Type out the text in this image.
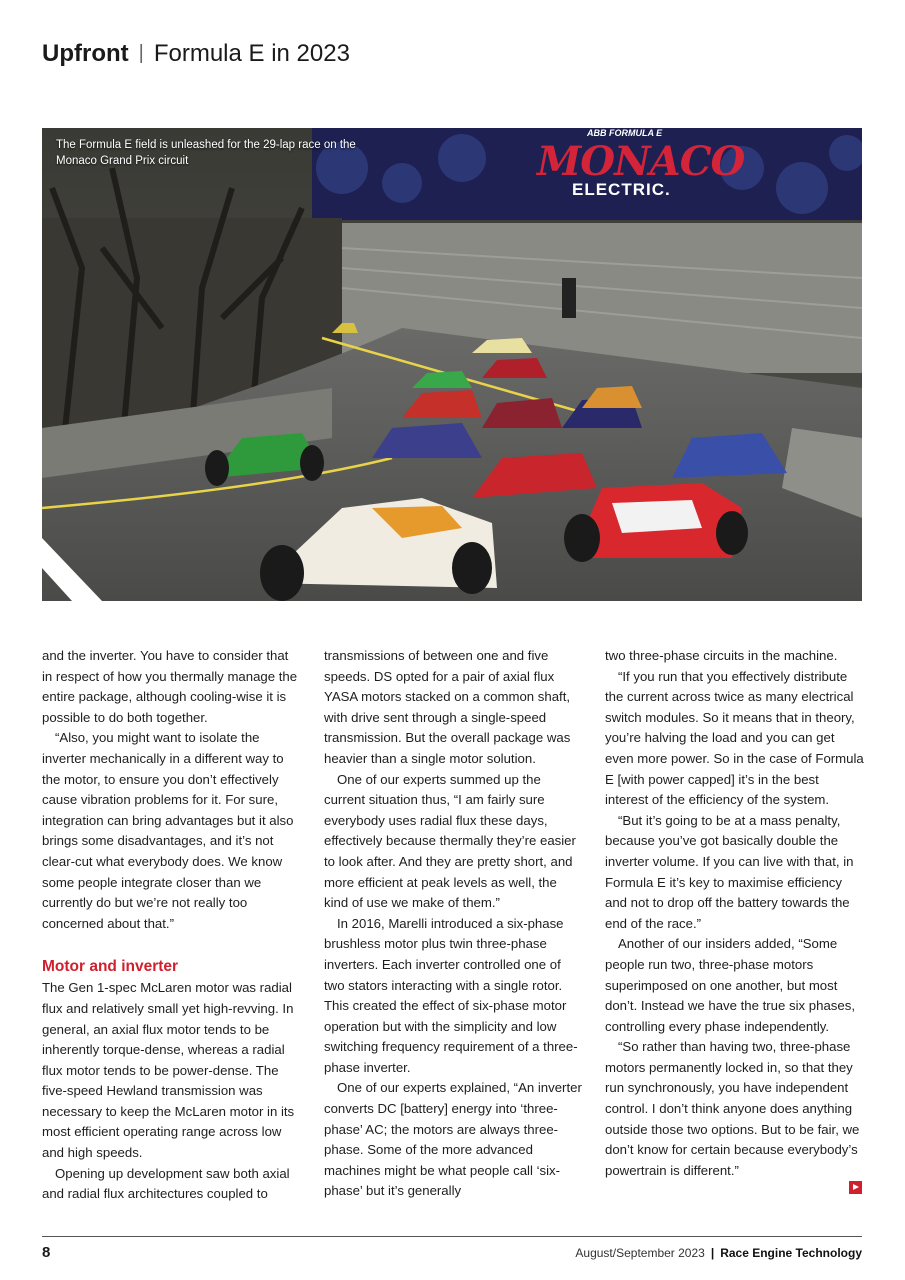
Upfront | Formula E in 2023
ABB FORMULA E
MONACO
ELECTRIC.
The Formula E field is unleashed for the 29-lap race on the Monaco Grand Prix circuit

and the inverter. You have to consider that in respect of how you thermally manage the entire package, although cooling-wise it is possible to do both together.

“Also, you might want to isolate the inverter mechanically in a different way to the motor, to ensure you don’t effectively cause vibration problems for it. For sure, integration can bring advantages but it also brings some disadvantages, and it’s not clear-cut what everybody does. We know some people integrate closer than we currently do but we’re not really too concerned about that.”

Motor and inverter

The Gen 1-spec McLaren motor was radial flux and relatively small yet high-revving. In general, an axial flux motor tends to be inherently torque-dense, whereas a radial flux motor tends to be power-dense. The five-speed Hewland transmission was necessary to keep the McLaren motor in its most efficient operating range across low and high speeds.

Opening up development saw both axial and radial flux architectures coupled to

transmissions of between one and five speeds. DS opted for a pair of axial flux YASA motors stacked on a common shaft, with drive sent through a single-speed transmission. But the overall package was heavier than a single motor solution.

One of our experts summed up the current situation thus, “I am fairly sure everybody uses radial flux these days, effectively because thermally they’re easier to look after. And they are pretty short, and more efficient at peak levels as well, the kind of use we make of them.”

In 2016, Marelli introduced a six-phase brushless motor plus twin three-phase inverters. Each inverter controlled one of two stators interacting with a single rotor. This created the effect of six-phase motor operation but with the simplicity and low switching frequency requirement of a three-phase inverter.

One of our experts explained, “An inverter converts DC [battery] energy into ‘three-phase’ AC; the motors are always three-phase. Some of the more advanced machines might be what people call ‘six-phase’ but it’s generally

two three-phase circuits in the machine.

“If you run that you effectively distribute the current across twice as many electrical switch modules. So it means that in theory, you’re halving the load and you can get even more power. So in the case of Formula E [with power capped] it’s in the best interest of the efficiency of the system.

“But it’s going to be at a mass penalty, because you’ve got basically double the inverter volume. If you can live with that, in Formula E it’s key to maximise efficiency and not to drop off the battery towards the end of the race.”

Another of our insiders added, “Some people run two, three-phase motors superimposed on one another, but most don’t. Instead we have the true six phases, controlling every phase independently.

“So rather than having two, three-phase motors permanently locked in, so that they run synchronously, you have independent control. I don’t think anyone does anything outside those two options. But to be fair, we don’t know for certain because everybody’s powertrain is different.”

8	August/September 2023 | Race Engine Technology
